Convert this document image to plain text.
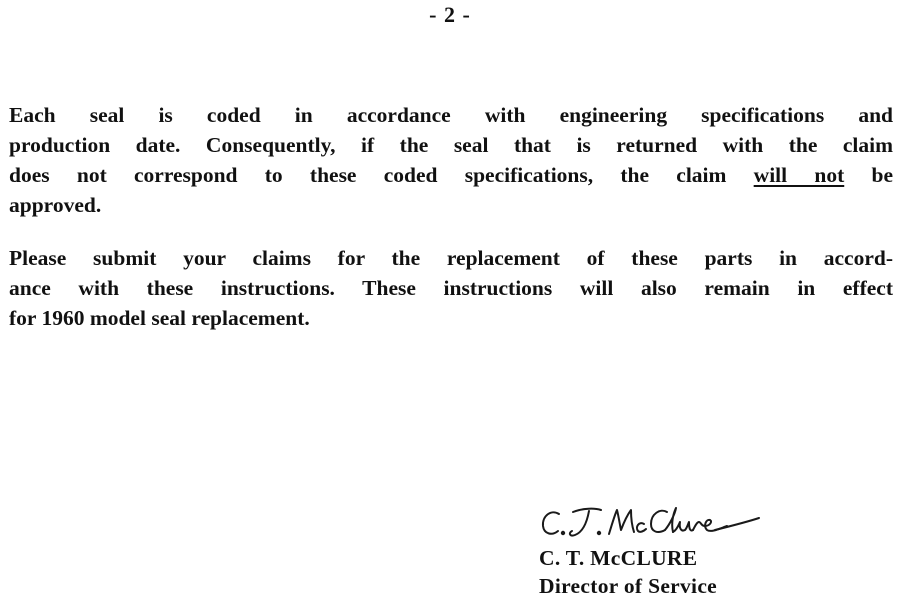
- 2 -
Each seal is coded in accordance with engineering specifications and
production date. Consequently, if the seal that is returned with the claim
does not correspond to these coded specifications, the claim will not be
approved.
Please submit your claims for the replacement of these parts in accord-
ance with these instructions. These instructions will also remain in effect
for 1960 model seal replacement.
C. T. McCLURE
Director of Service
